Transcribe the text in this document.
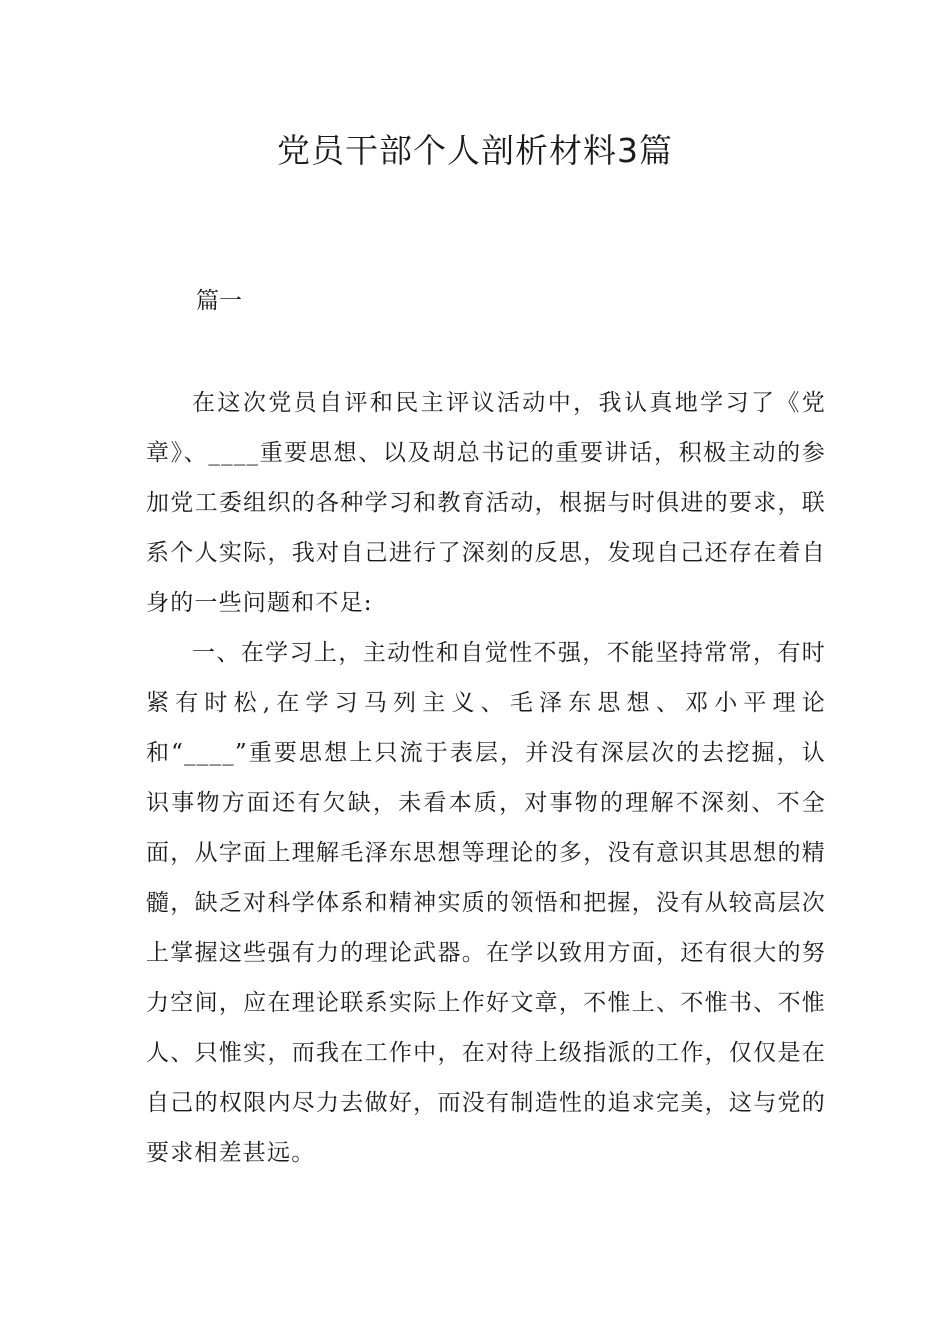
党员干部个人剖析材料3篇

篇一

在这次党员自评和民主评议活动中，我认真地学习了《党章》、____重要思想、以及胡总书记的重要讲话，积极主动的参加党工委组织的各种学习和教育活动，根据与时俱进的要求，联系个人实际，我对自己进行了深刻的反思，发现自己还存在着自身的一些问题和不足:

一、在学习上，主动性和自觉性不强，不能坚持常常，有时紧有时松,在学习马列主义、毛泽东思想、邓小平理论和“____”重要思想上只流于表层，并没有深层次的去挖掘，认识事物方面还有欠缺，未看本质，对事物的理解不深刻、不全面，从字面上理解毛泽东思想等理论的多，没有意识其思想的精髓，缺乏对科学体系和精神实质的领悟和把握，没有从较高层次上掌握这些强有力的理论武器。在学以致用方面，还有很大的努力空间，应在理论联系实际上作好文章，不惟上、不惟书、不惟人、只惟实，而我在工作中，在对待上级指派的工作，仅仅是在自己的权限内尽力去做好，而没有制造性的追求完美，这与党的要求相差甚远。
